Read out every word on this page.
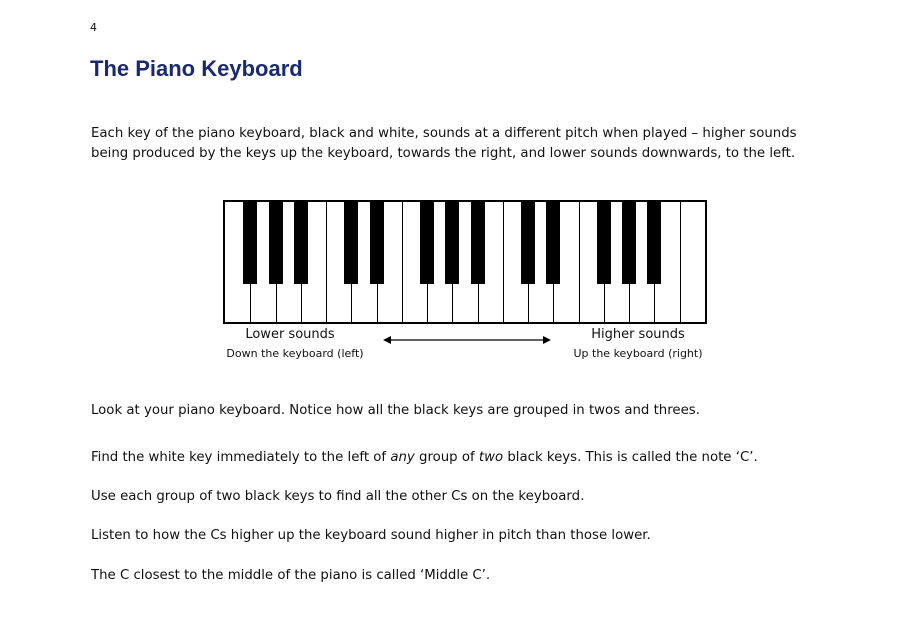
4
The Piano Keyboard

Each key of the piano keyboard, black and white, sounds at a different pitch when played – higher sounds being produced by the keys up the keyboard, towards the right, and lower sounds downwards, to the left.

Lower sounds
Down the keyboard (left)
Higher sounds
Up the keyboard (right)

Look at your piano keyboard. Notice how all the black keys are grouped in twos and threes.

Find the white key immediately to the left of any group of two black keys. This is called the note ‘C’.

Use each group of two black keys to find all the other Cs on the keyboard.

Listen to how the Cs higher up the keyboard sound higher in pitch than those lower.

The C closest to the middle of the piano is called ‘Middle C’.
